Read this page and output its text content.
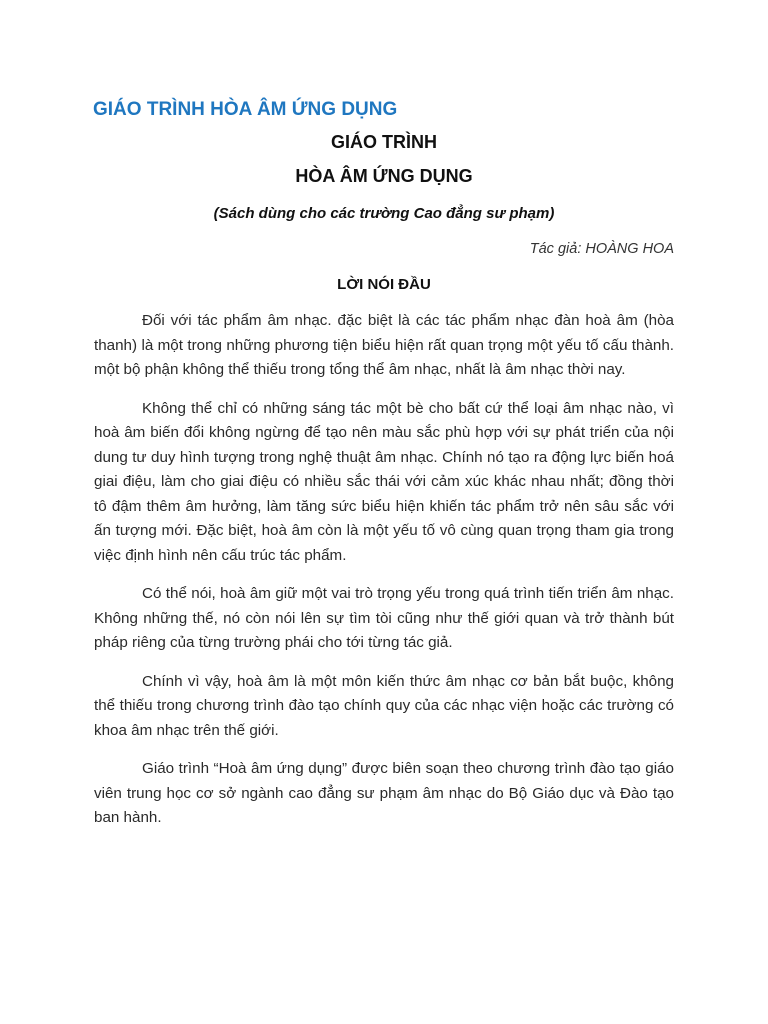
GIÁO TRÌNH HÒA ÂM ỨNG DỤNG
GIÁO TRÌNH
HÒA ÂM ỨNG DỤNG
(Sách dùng cho các trường Cao đẳng sư phạm)
Tác giả: HOÀNG HOA
LỜI NÓI ĐẦU

Đối với tác phẩm âm nhạc. đặc biệt là các tác phẩm nhạc đàn hoà âm (hòa thanh) là một trong những phương tiện biểu hiện rất quan trọng một yếu tố cấu thành. một bộ phận không thể thiếu trong tổng thể âm nhạc, nhất là âm nhạc thời nay.

Không thể chỉ có những sáng tác một bè cho bất cứ thể loại âm nhạc nào, vì hoà âm biến đổi không ngừng để tạo nên màu sắc phù hợp với sự phát triển của nội dung tư duy hình tượng trong nghệ thuật âm nhạc. Chính nó tạo ra động lực biến hoá giai điệu, làm cho giai điệu có nhiều sắc thái với cảm xúc khác nhau nhất; đồng thời tô đậm thêm âm hưởng, làm tăng sức biểu hiện khiến tác phẩm trở nên sâu sắc với ấn tượng mới. Đặc biệt, hoà âm còn là một yếu tố vô cùng quan trọng tham gia trong việc định hình nên cấu trúc tác phẩm.

Có thể nói, hoà âm giữ một vai trò trọng yếu trong quá trình tiến triển âm nhạc. Không những thế, nó còn nói lên sự tìm tòi cũng như thế giới quan và trở thành bút pháp riêng của từng trường phái cho tới từng tác giả.

Chính vì vậy, hoà âm là một môn kiến thức âm nhạc cơ bản bắt buộc, không thể thiếu trong chương trình đào tạo chính quy của các nhạc viện hoặc các trường có khoa âm nhạc trên thế giới.

Giáo trình “Hoà âm ứng dụng” được biên soạn theo chương trình đào tạo giáo viên trung học cơ sở ngành cao đẳng sư phạm âm nhạc do Bộ Giáo dục và Đào tạo ban hành.
